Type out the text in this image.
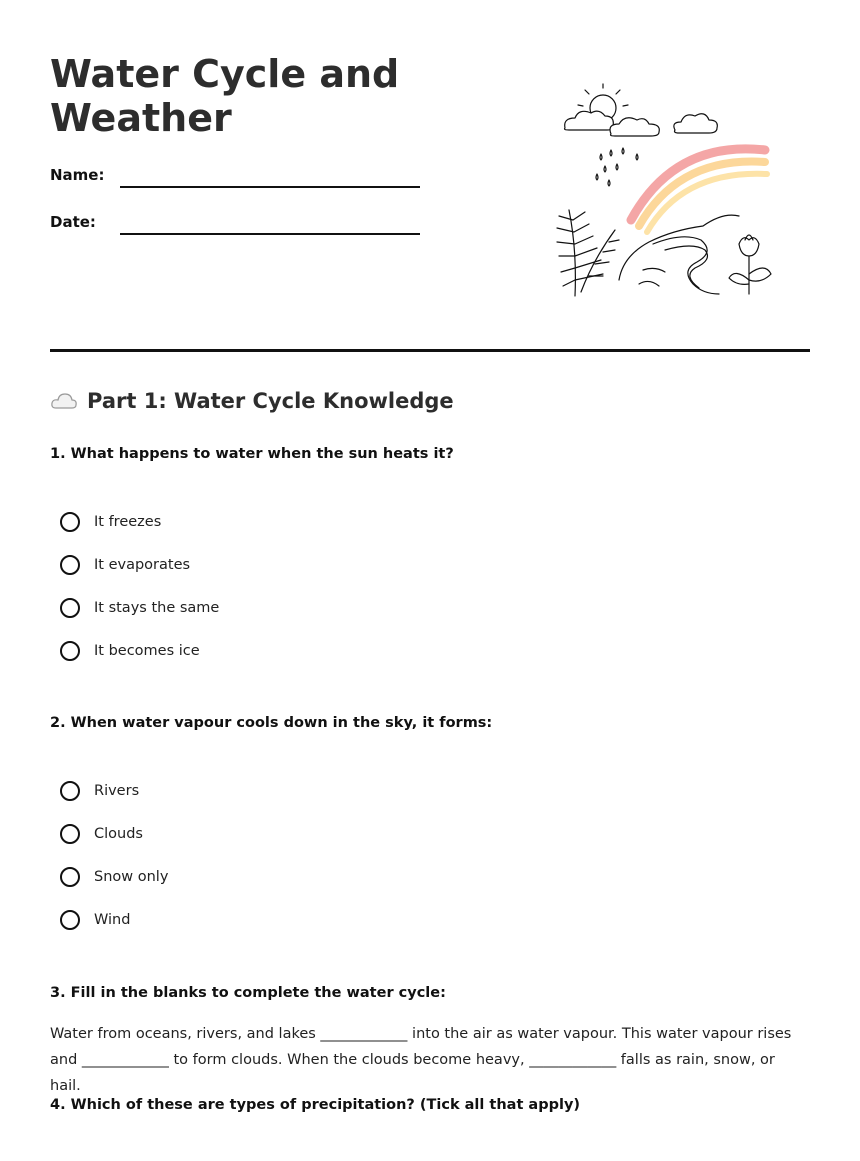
Water Cycle and Weather
Name:
Date:
Part 1: Water Cycle Knowledge
1. What happens to water when the sun heats it?
It freezes
It evaporates
It stays the same
It becomes ice
2. When water vapour cools down in the sky, it forms:
Rivers
Clouds
Snow only
Wind
3. Fill in the blanks to complete the water cycle:

Water from oceans, rivers, and lakes ____________ into the air as water vapour. This water vapour rises and ____________ to form clouds. When the clouds become heavy, ____________ falls as rain, snow, or hail.

4. Which of these are types of precipitation? (Tick all that apply)
